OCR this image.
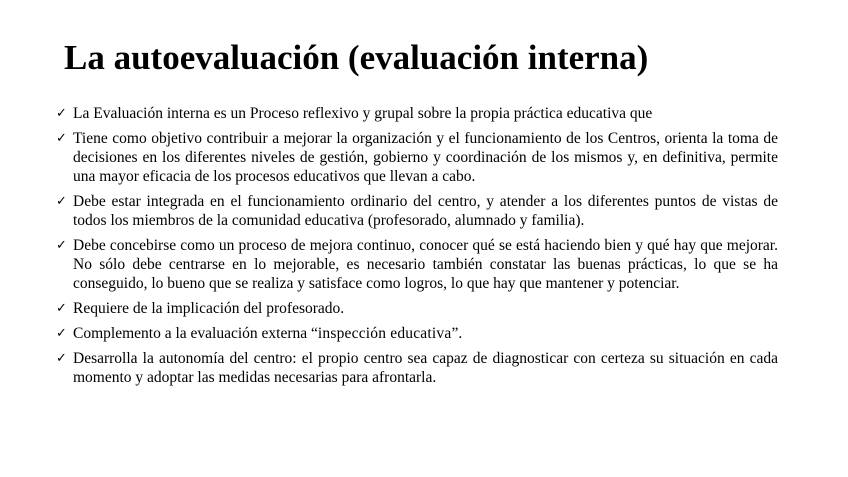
La autoevaluación (evaluación interna)
✓ La Evaluación interna es un Proceso reflexivo y grupal sobre la propia práctica educativa que
✓ Tiene como objetivo contribuir a mejorar la organización y el funcionamiento de los Centros, orienta la toma de decisiones en los diferentes niveles de gestión, gobierno y coordinación de los mismos y, en definitiva, permite una mayor eficacia de los procesos educativos que llevan a cabo.
✓ Debe estar integrada en el funcionamiento ordinario del centro, y atender a los diferentes puntos de vistas de todos los miembros de la comunidad educativa (profesorado, alumnado y familia).
✓ Debe concebirse como un proceso de mejora continuo, conocer qué se está haciendo bien y qué hay que mejorar. No sólo debe centrarse en lo mejorable, es necesario también constatar las buenas prácticas, lo que se ha conseguido, lo bueno que se realiza y satisface como logros, lo que hay que mantener y potenciar.
✓ Requiere de la implicación del profesorado.
✓ Complemento a la evaluación externa “inspección educativa”.
✓ Desarrolla la autonomía del centro: el propio centro sea capaz de diagnosticar con certeza su situación en cada momento y adoptar las medidas necesarias para afrontarla.
